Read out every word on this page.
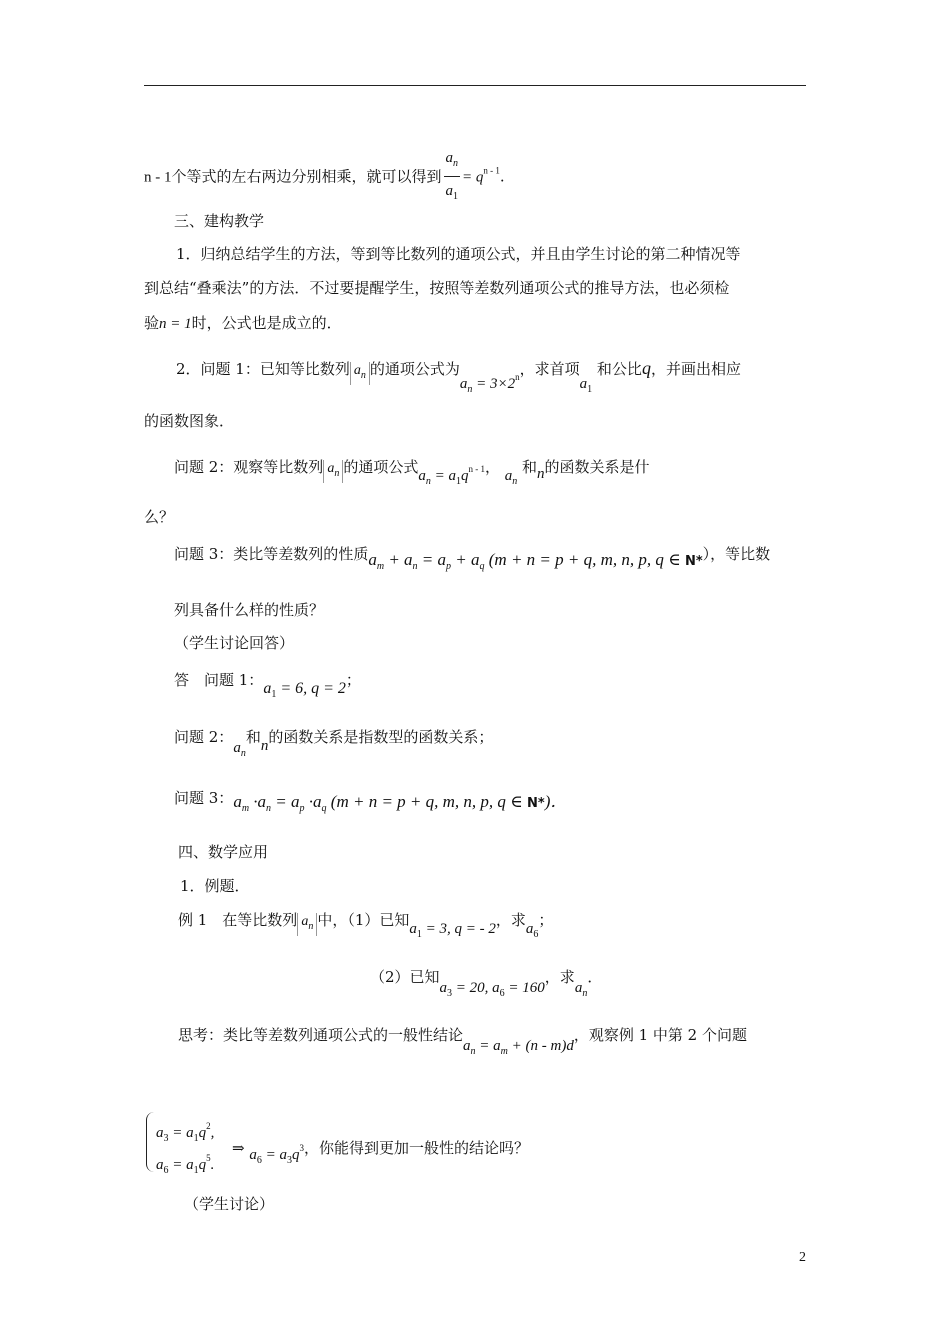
n - 1个等式的左右两边分别相乘，就可以得到 $\frac{a_n}{a_1} = q^{n - 1}$.
三、建构教学
1．归纳总结学生的方法，等到等比数列的通项公式，并且由学生讨论的第二种情况等
到总结“叠乘法”的方法．不过要提醒学生，按照等差数列通项公式的推导方法，也必须检
验n = 1时，公式也是成立的．
2．问题 1：已知等比数列 $a_n$ 的通项公式为$a_n = 3\times 2^n$，求首项$a_1$ 和公比q，并画出相应
的函数图象．
问题 2：观察等比数列 $a_n$ 的通项公式$a_n = a_1q^{n - 1}$， $a_n$ 和n的函数关系是什
么？
问题 3：类比等差数列的性质$a_m + a_n = a_p + a_q$ (m + n = p + q, m, n, p, q ∈ N*），等比数
列具备什么样的性质？
（学生讨论回答）
答　问题 1：$a_1 = 6$, q = 2；
问题 2：$a_n$和n的函数关系是指数型的函数关系；
问题 3：$a_m \cdot a_n = a_p \cdot a_q$ (m + n = p + q, m, n, p, q ∈ N*)．
四、数学应用
1．例题．
例 1　在等比数列 $a_n$ 中，（1）已知$a_1 = 3$, q = - 2，求$a_6$；
（2）已知$a_3 = 20$, $a_6 = 160$，求$a_n$．
思考：类比等差数列通项公式的一般性结论$a_n = a_m + (n - m)d$，观察例 1 中第 2 个问题
$a_3 = a_1q^2$,
$a_6 = a_1q^5$.
⇒ $a_6 = a_3q^3$，你能得到更加一般性的结论吗？
（学生讨论）
2
